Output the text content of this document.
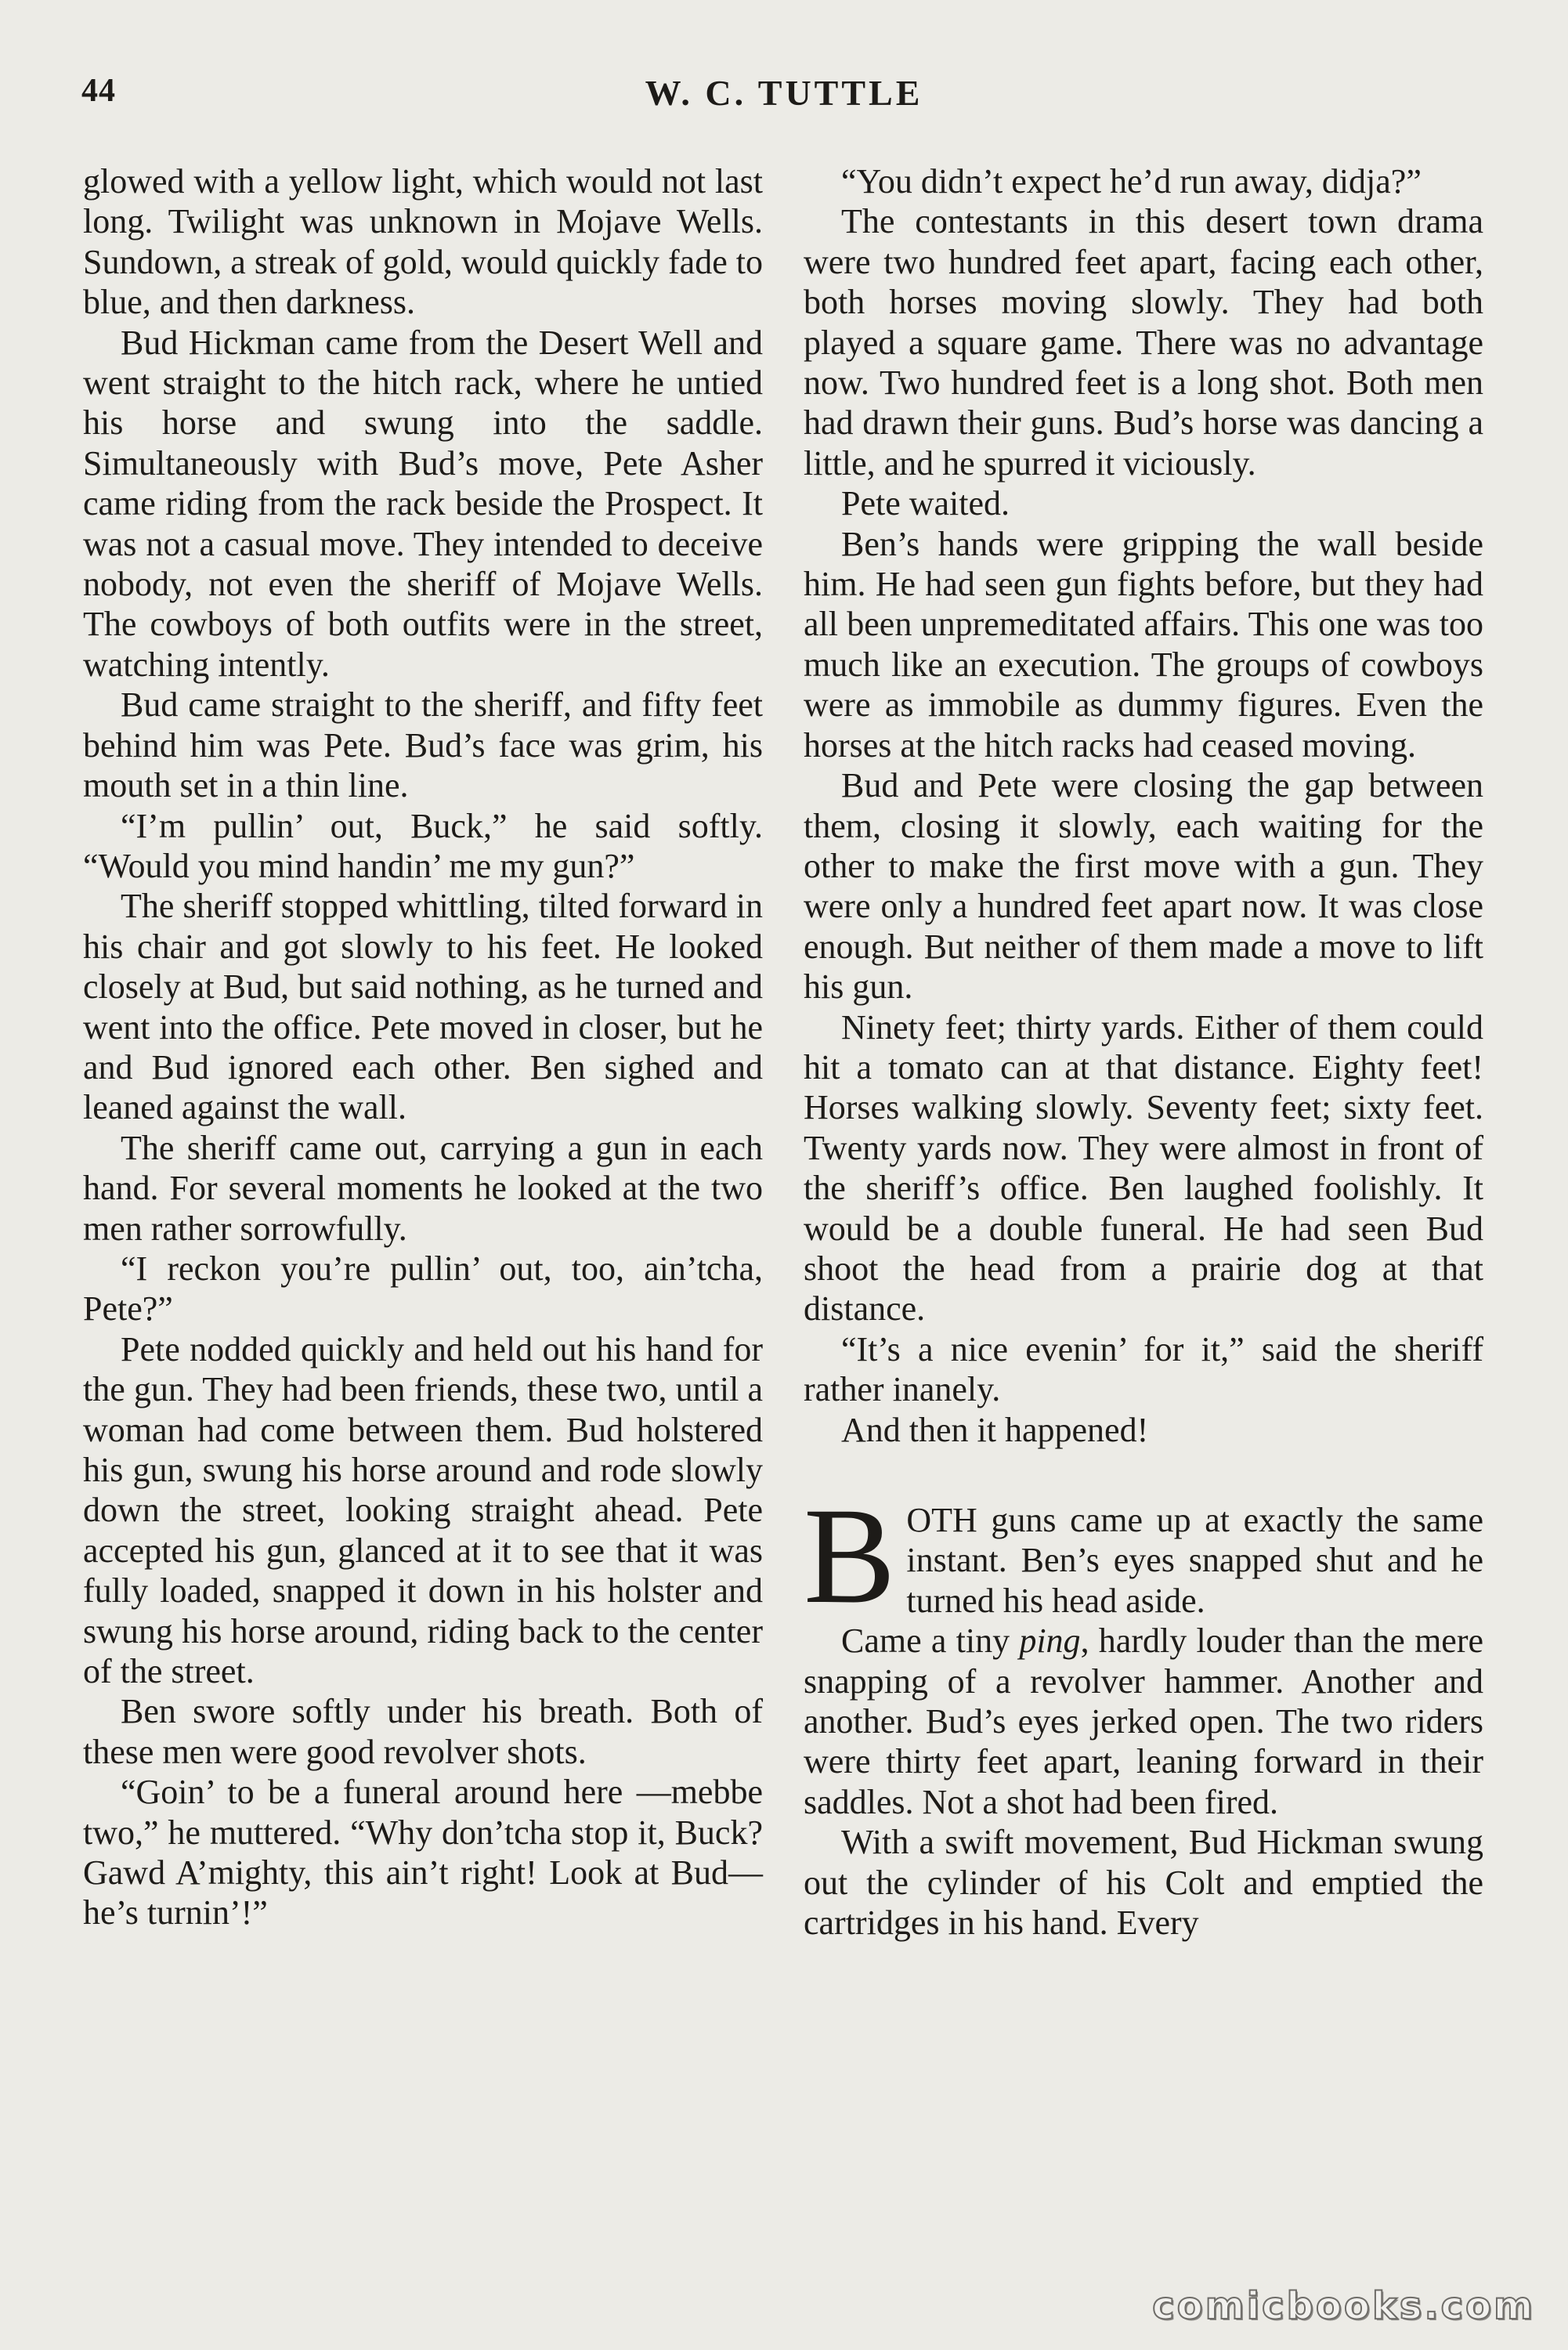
44	W. C. TUTTLE

glowed with a yellow light, which would not last long. Twilight was unknown in Mojave Wells. Sundown, a streak of gold, would quickly fade to blue, and then darkness.

Bud Hickman came from the Desert Well and went straight to the hitch rack, where he untied his horse and swung into the saddle. Simultaneously with Bud’s move, Pete Asher came riding from the rack beside the Prospect. It was not a casual move. They intended to deceive nobody, not even the sheriff of Mojave Wells. The cowboys of both outfits were in the street, watching intently.

Bud came straight to the sheriff, and fifty feet behind him was Pete. Bud’s face was grim, his mouth set in a thin line.

“I’m pullin’ out, Buck,” he said softly. “Would you mind handin’ me my gun?”

The sheriff stopped whittling, tilted forward in his chair and got slowly to his feet. He looked closely at Bud, but said nothing, as he turned and went into the office. Pete moved in closer, but he and Bud ignored each other. Ben sighed and leaned against the wall.

The sheriff came out, carrying a gun in each hand. For several moments he looked at the two men rather sorrowfully.

“I reckon you’re pullin’ out, too, ain’tcha, Pete?”

Pete nodded quickly and held out his hand for the gun. They had been friends, these two, until a woman had come between them. Bud holstered his gun, swung his horse around and rode slowly down the street, looking straight ahead. Pete accepted his gun, glanced at it to see that it was fully loaded, snapped it down in his holster and swung his horse around, riding back to the center of the street.

Ben swore softly under his breath. Both of these men were good revolver shots.

“Goin’ to be a funeral around here —mebbe two,” he muttered. “Why don’tcha stop it, Buck? Gawd A’mighty, this ain’t right! Look at Bud—he’s turnin’!”

“You didn’t expect he’d run away, didja?”

The contestants in this desert town drama were two hundred feet apart, facing each other, both horses moving slowly. They had both played a square game. There was no advantage now. Two hundred feet is a long shot. Both men had drawn their guns. Bud’s horse was dancing a little, and he spurred it viciously.

Pete waited.

Ben’s hands were gripping the wall beside him. He had seen gun fights before, but they had all been unpremeditated affairs. This one was too much like an execution. The groups of cowboys were as immobile as dummy figures. Even the horses at the hitch racks had ceased moving.

Bud and Pete were closing the gap between them, closing it slowly, each waiting for the other to make the first move with a gun. They were only a hundred feet apart now. It was close enough. But neither of them made a move to lift his gun.

Ninety feet; thirty yards. Either of them could hit a tomato can at that distance. Eighty feet! Horses walking slowly. Seventy feet; sixty feet. Twenty yards now. They were almost in front of the sheriff’s office. Ben laughed foolishly. It would be a double funeral. He had seen Bud shoot the head from a prairie dog at that distance.

“It’s a nice evenin’ for it,” said the sheriff rather inanely.

And then it happened!

BOTH guns came up at exactly the same instant. Ben’s eyes snapped shut and he turned his head aside.

Came a tiny ping, hardly louder than the mere snapping of a revolver hammer. Another and another. Bud’s eyes jerked open. The two riders were thirty feet apart, leaning forward in their saddles. Not a shot had been fired.

With a swift movement, Bud Hickman swung out the cylinder of his Colt and emptied the cartridges in his hand. Every

comicbooks.com
